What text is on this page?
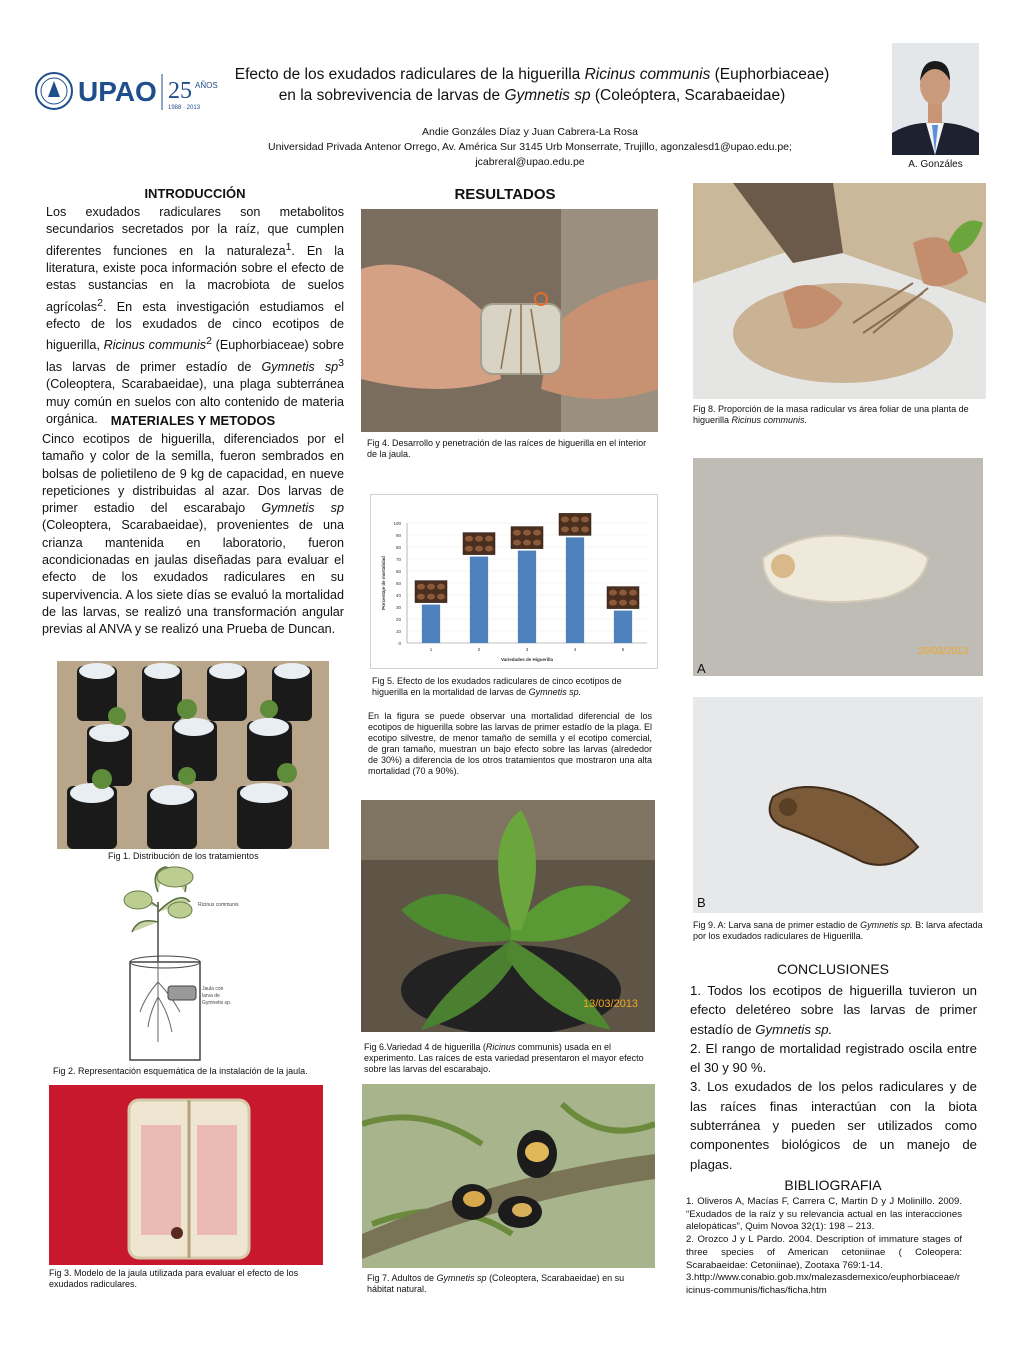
UPAO 25 AÑOS
1988 · 2013
Efecto de los exudados radiculares de la higuerilla Ricinus communis (Euphorbiaceae)
en la sobrevivencia de larvas de Gymnetis sp (Coleóptera, Scarabaeidae)
Andie Gonzáles Díaz y Juan Cabrera-La Rosa
Universidad Privada Antenor Orrego, Av. América Sur 3145 Urb Monserrate, Trujillo, agonzalesd1@upao.edu.pe;
jcabreral@upao.edu.pe	A. Gonzáles
INTRODUCCIÓN
Los exudados radiculares son metabolitos secundarios secretados por la raíz, que cumplen diferentes funciones en la naturaleza$^1$. En la literatura, existe poca información sobre el efecto de estas sustancias en la macrobiota de suelos agrícolas$^2$. En esta investigación estudiamos el efecto de los exudados de cinco ecotipos de higuerilla, Ricinus communis$^2$ (Euphorbiaceae) sobre las larvas de primer estadío de Gymnetis $sp^3$ (Coleoptera, Scarabaeidae), una plaga subterránea muy común en suelos con alto contenido de materia orgánica. MATERIALES Y METODOS
Cinco ecotipos de higuerilla, diferenciados por el tamaño y color de la semilla, fueron sembrados en bolsas de polietileno de 9 kg de capacidad, en nueve repeticiones y distribuidas al azar. Dos larvas de primer estadio del escarabajo Gymnetis sp (Coleoptera, Scarabaeidae), provenientes de una crianza mantenida en laboratorio, fueron acondicionadas en jaulas diseñadas para evaluar el efecto de los exudados radiculares en su supervivencia. A los siete días se evaluó la mortalidad de las larvas, se realizó una transformación angular previas al ANVA y se realizó una Prueba de Duncan.
Fig 1. Distribución de los tratamientos
Ricinus communis
Jaula con
larva de
Gymnetis sp.
Fig 2. Representación esquemática de la instalación de la jaula.
Fig 3. Modelo de la jaula utilizada para evaluar el efecto de los exudados radiculares.
RESULTADOS
Fig 4. Desarrollo y penetración de las raíces de higuerilla en el interior de la jaula.
0
10
20
30
40
50
60
70
80
90
100
1	2	3	4	5
Variedades de Higuerilla
Porcentaje de mortalidad
Fig 5. Efecto de los exudados radiculares de cinco ecotipos de higuerilla en la mortalidad de larvas de Gymnetis sp.
En la figura se puede observar una mortalidad diferencial de los ecotipos de higuerilla sobre las larvas de primer estadío de la plaga. El ecotipo silvestre, de menor tamaño de semilla y el ecotipo comercial, de gran tamaño, muestran un bajo efecto sobre las larvas (alrededor de 30%) a diferencia de los otros tratamientos que mostraron una alta mortalidad (70 a 90%).
13/03/2013
Fig 6.Variedad 4 de higuerilla (Ricinus communis) usada en el experimento. Las raíces de esta variedad presentaron el mayor efecto sobre las larvas del escarabajo.
Fig 7. Adultos de Gymnetis sp (Coleoptera, Scarabaeidae) en su hábitat natural.
Fig 8. Proporción de la masa radicular vs área foliar de una planta de higuerilla Ricinus communis.
20/03/2013
A
B
Fig 9. A: Larva sana de primer estadio de Gymnetis sp. B: larva afectada por los exudados radiculares de Higuerilla.
CONCLUSIONES
1. Todos los ecotipos de higuerilla tuvieron un efecto deletéreo sobre las larvas de primer estadío de Gymnetis sp.
2. El rango de mortalidad registrado oscila entre el 30 y 90 %.
3. Los exudados de los pelos radiculares y de las raíces finas interactúan con la biota subterránea y pueden ser utilizados como componentes biológicos de un manejo de plagas.
BIBLIOGRAFIA
1. Oliveros A, Macías F, Carrera C, Martin D y J Molinillo. 2009. “Exudados de la raíz y su relevancia actual en las interacciones alelopáticas”, Quim Novoa 32(1): 198 – 213.
2. Orozco J y L Pardo. 2004. Description of immature stages of three species of American cetoniinae ( Coleopera: Scarabaeidae: Cetoniinae), Zootaxa 769:1-14.
3.http://www.conabio.gob.mx/malezasdemexico/euphorbiaceae/ricinus-communis/fichas/ficha.htm
